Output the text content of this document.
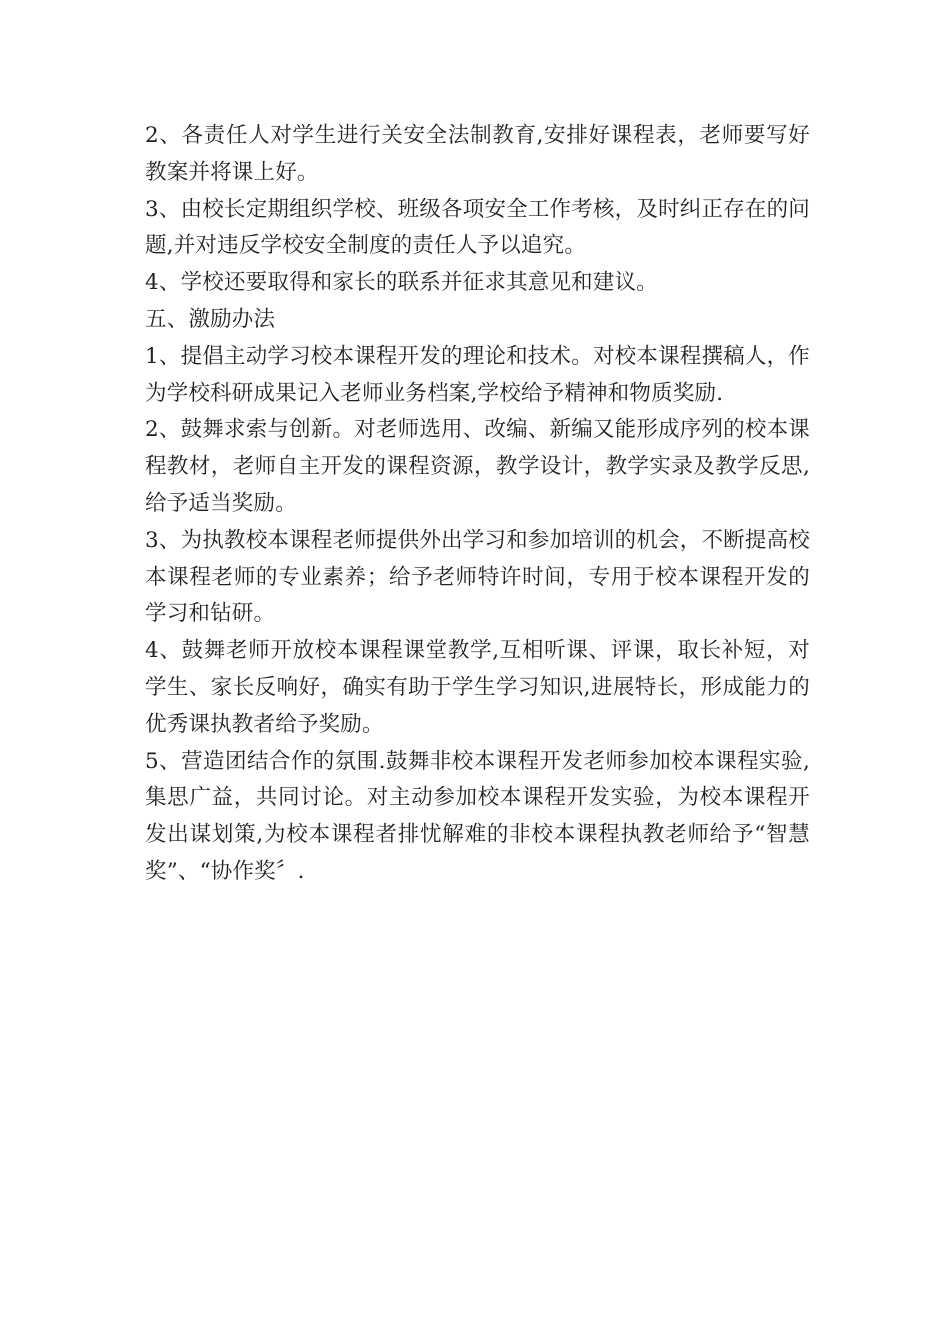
2、各责任人对学生进行关安全法制教育,安排好课程表，老师要写好教案并将课上好。

3、由校长定期组织学校、班级各项安全工作考核，及时纠正存在的问题,并对违反学校安全制度的责任人予以追究。

4、学校还要取得和家长的联系并征求其意见和建议。

五、激励办法

1、提倡主动学习校本课程开发的理论和技术。对校本课程撰稿人，作为学校科研成果记入老师业务档案,学校给予精神和物质奖励.

2、鼓舞求索与创新。对老师选用、改编、新编又能形成序列的校本课程教材，老师自主开发的课程资源，教学设计，教学实录及教学反思,给予适当奖励。

3、为执教校本课程老师提供外出学习和参加培训的机会，不断提高校本课程老师的专业素养；给予老师特许时间，专用于校本课程开发的学习和钻研。

4、鼓舞老师开放校本课程课堂教学,互相听课、评课，取长补短，对学生、家长反响好，确实有助于学生学习知识,进展特长，形成能力的优秀课执教者给予奖励。

5、营造团结合作的氛围.鼓舞非校本课程开发老师参加校本课程实验,集思广益，共同讨论。对主动参加校本课程开发实验，为校本课程开发出谋划策,为校本课程者排忧解难的非校本课程执教老师给予“智慧奖”、“协作奖〞.
